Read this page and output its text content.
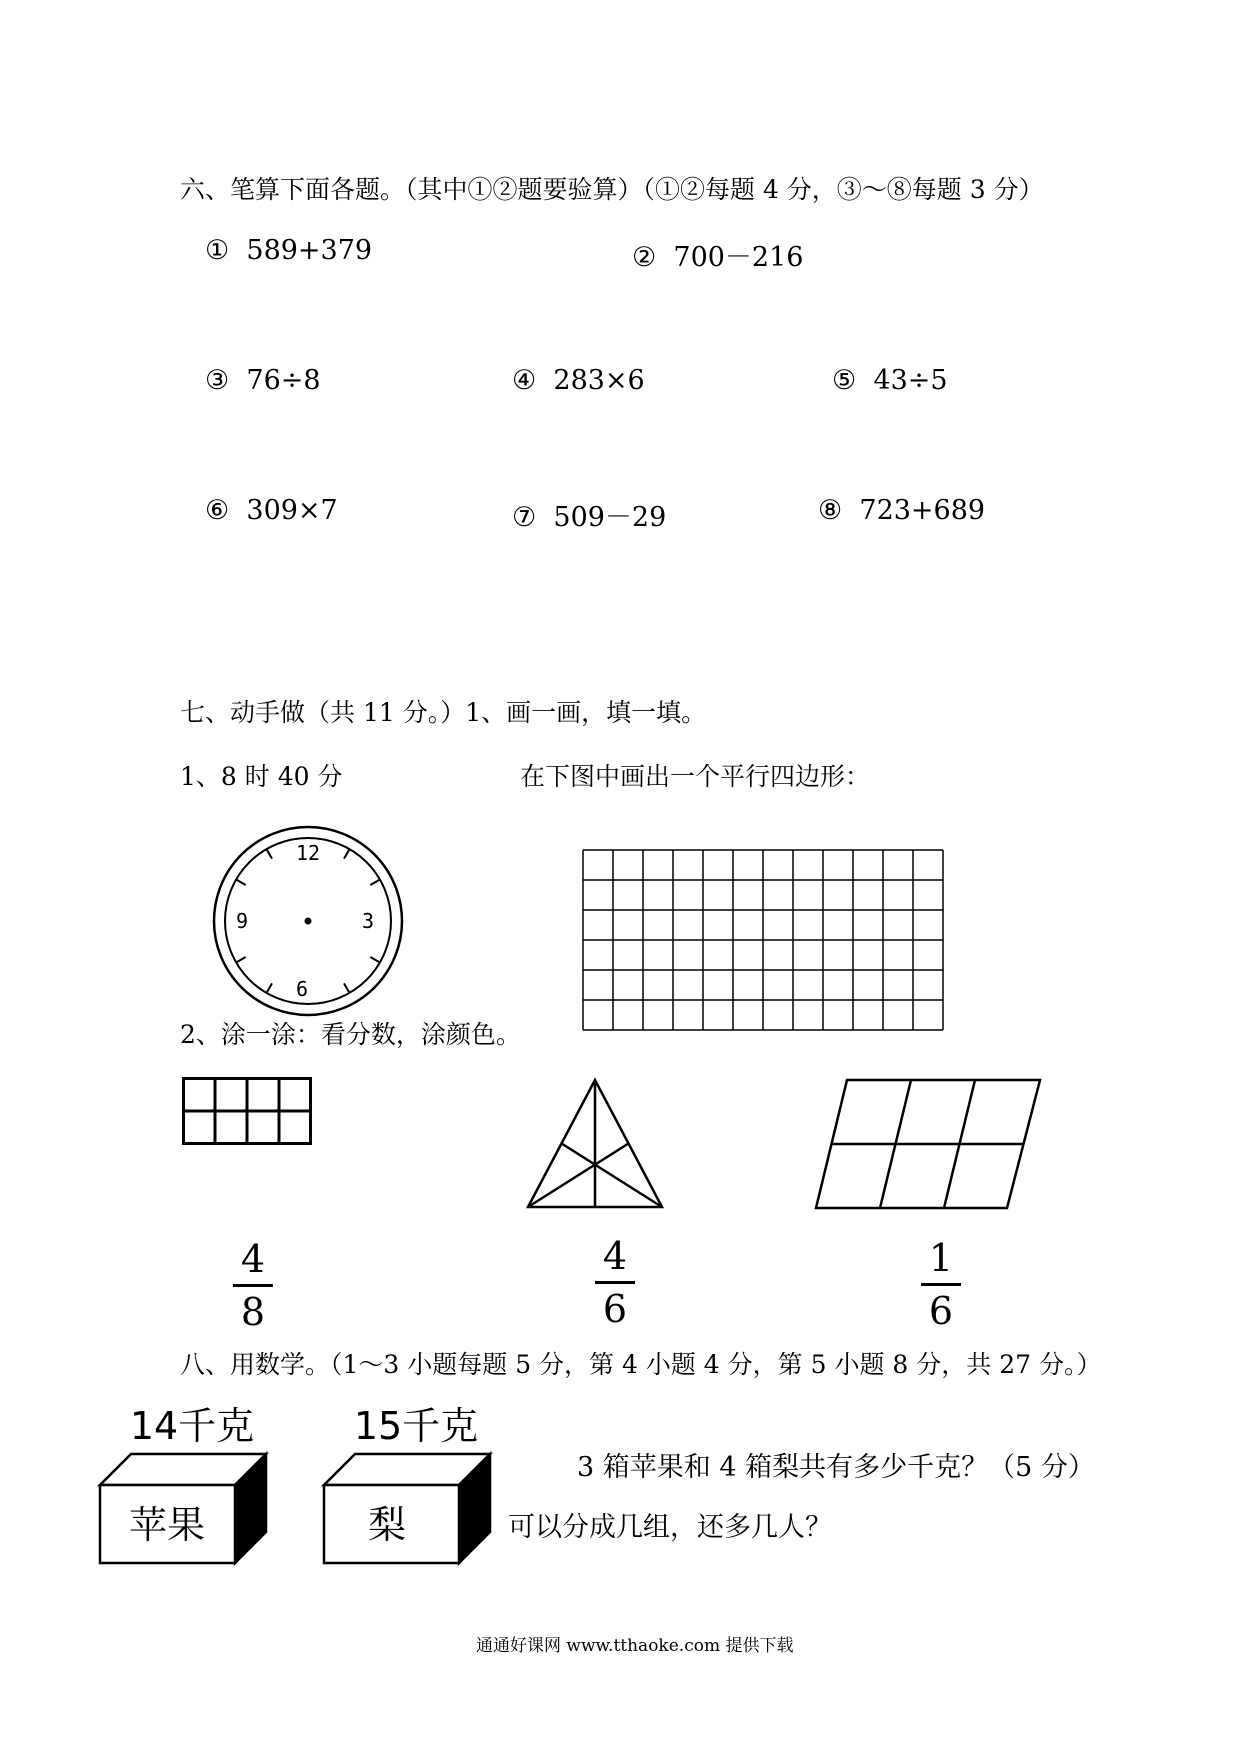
六、笔算下面各题。（其中①②题要验算）（①②每题 4 分，③～⑧每题 3 分）
① 589+379	② 700－216
③ 76÷8	④ 283×6	⑤ 43÷5
⑥ 309×7	⑦ 509－29	⑧ 723+689
七、动手做（共 11 分。）1、画一画，填一填。
1、8 时 40 分	在下图中画出一个平行四边形：
12
3
6
9
2、涂一涂：看分数，涂颜色。
4
8
4
6
1
6
八、用数学。（1～3 小题每题 5 分，第 4 小题 4 分，第 5 小题 8 分，共 27 分。）
14千克
苹果
15千克
梨
3 箱苹果和 4 箱梨共有多少千克？（5 分）
可以分成几组，还多几人？
通通好课网 www.tthaoke.com 提供下载
